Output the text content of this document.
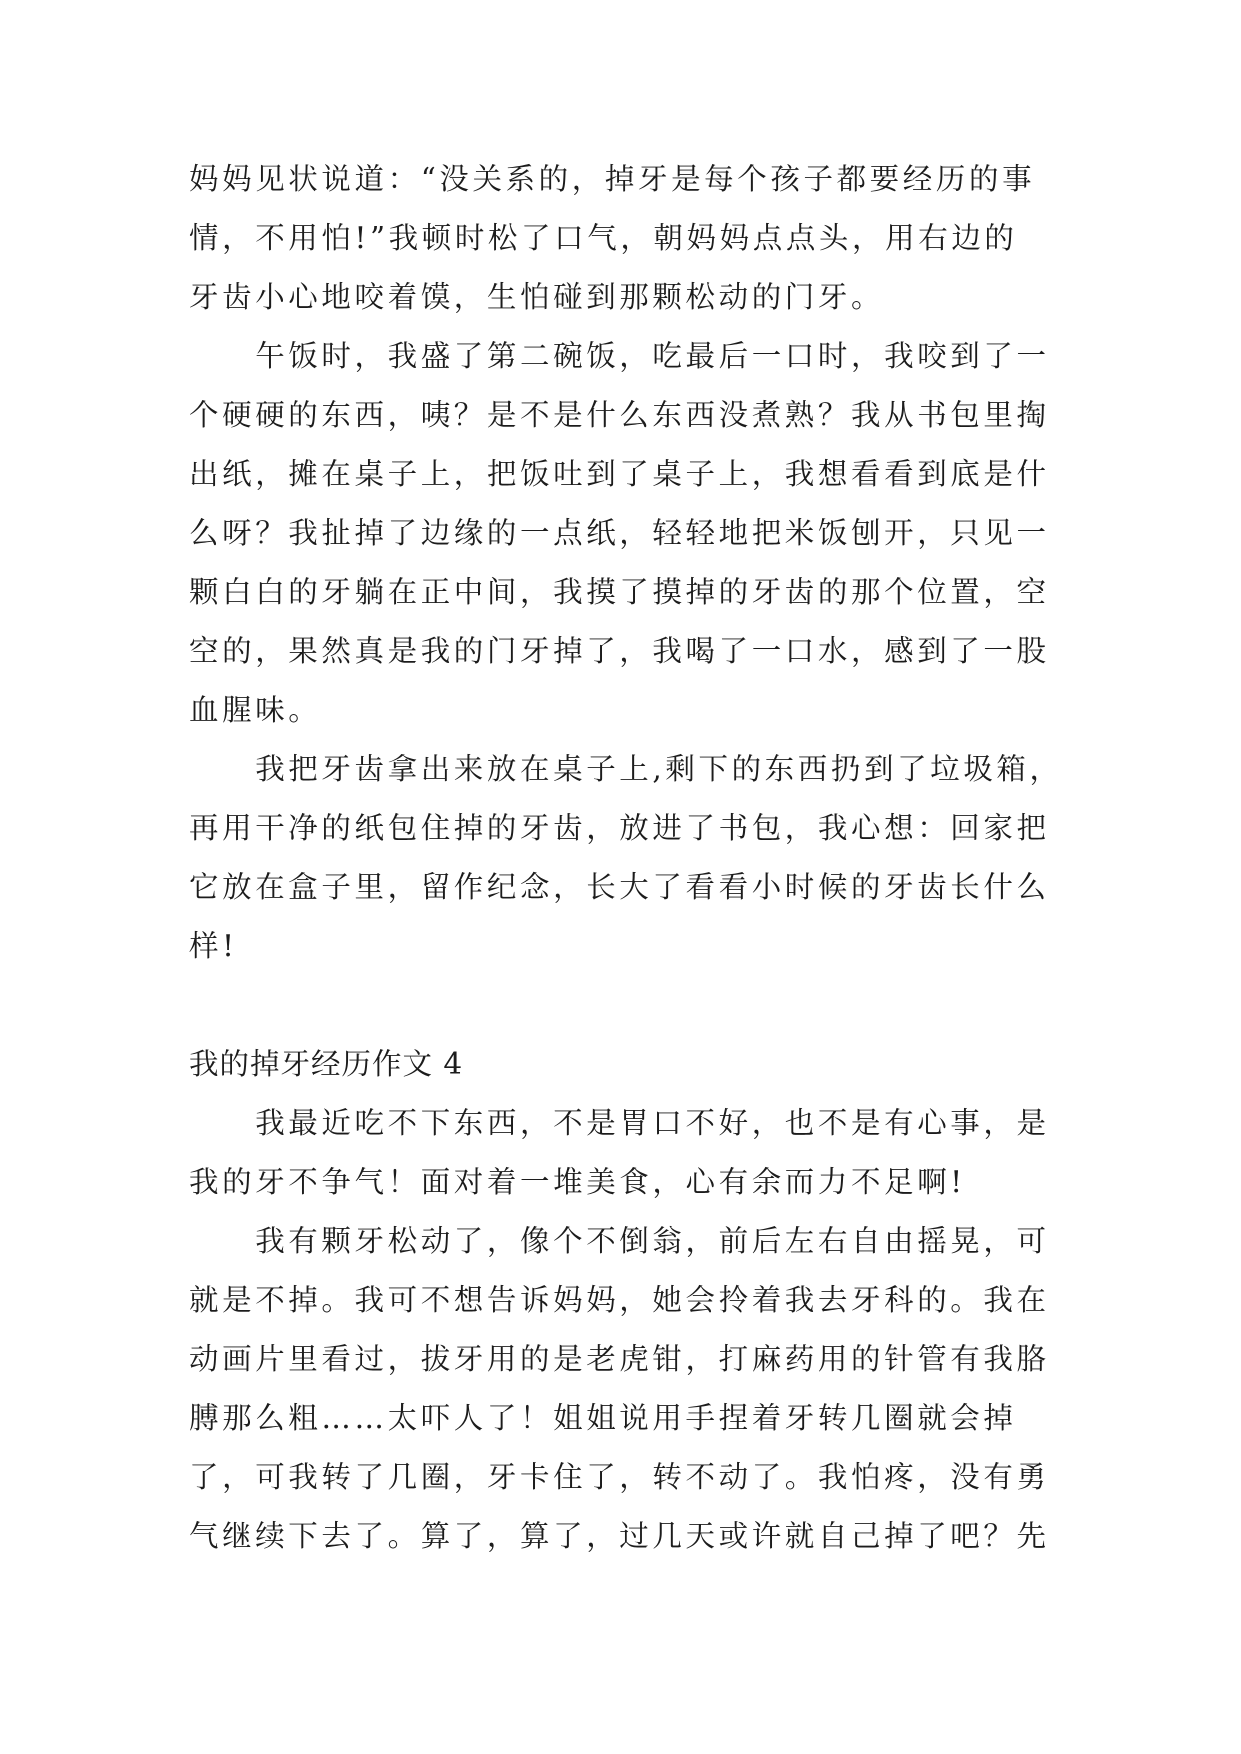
妈妈见状说道：“没关系的，掉牙是每个孩子都要经历的事
情，不用怕!”我顿时松了口气，朝妈妈点点头，用右边的
牙齿小心地咬着馍，生怕碰到那颗松动的门牙。
　　午饭时，我盛了第二碗饭，吃最后一口时，我咬到了一
个硬硬的东西，咦？是不是什么东西没煮熟？我从书包里掏
出纸，摊在桌子上，把饭吐到了桌子上，我想看看到底是什
么呀？我扯掉了边缘的一点纸，轻轻地把米饭刨开，只见一
颗白白的牙躺在正中间，我摸了摸掉的牙齿的那个位置，空
空的，果然真是我的门牙掉了，我喝了一口水，感到了一股
血腥味。
　　我把牙齿拿出来放在桌子上,剩下的东西扔到了垃圾箱，
再用干净的纸包住掉的牙齿，放进了书包，我心想：回家把
它放在盒子里，留作纪念，长大了看看小时候的牙齿长什么
样!
我的掉牙经历作文 4
　　我最近吃不下东西，不是胃口不好，也不是有心事，是
我的牙不争气！面对着一堆美食，心有余而力不足啊!
　　我有颗牙松动了，像个不倒翁，前后左右自由摇晃，可
就是不掉。我可不想告诉妈妈，她会拎着我去牙科的。我在
动画片里看过，拔牙用的是老虎钳，打麻药用的针管有我胳
膊那么粗……太吓人了！姐姐说用手捏着牙转几圈就会掉
了，可我转了几圈，牙卡住了，转不动了。我怕疼，没有勇
气继续下去了。算了，算了，过几天或许就自己掉了吧？先
